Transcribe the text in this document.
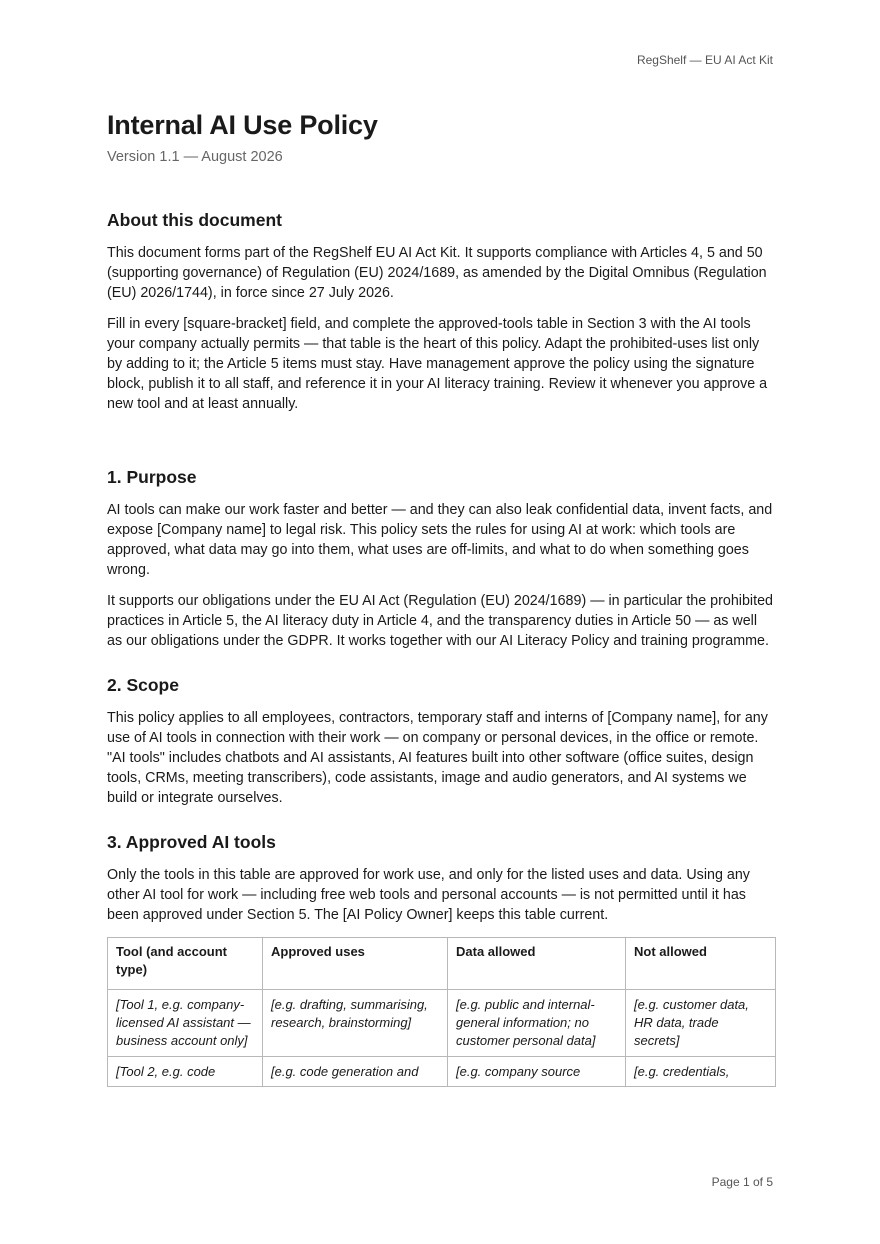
RegShelf — EU AI Act Kit
Internal AI Use Policy
Version 1.1 — August 2026
About this document

This document forms part of the RegShelf EU AI Act Kit. It supports compliance with Articles 4, 5 and 50 (supporting governance) of Regulation (EU) 2024/1689, as amended by the Digital Omnibus (Regulation (EU) 2026/1744), in force since 27 July 2026.

Fill in every [square-bracket] field, and complete the approved-tools table in Section 3 with the AI tools your company actually permits — that table is the heart of this policy. Adapt the prohibited-uses list only by adding to it; the Article 5 items must stay. Have management approve the policy using the signature block, publish it to all staff, and reference it in your AI literacy training. Review it whenever you approve a new tool and at least annually.

1. Purpose

AI tools can make our work faster and better — and they can also leak confidential data, invent facts, and expose [Company name] to legal risk. This policy sets the rules for using AI at work: which tools are approved, what data may go into them, what uses are off-limits, and what to do when something goes wrong.

It supports our obligations under the EU AI Act (Regulation (EU) 2024/1689) — in particular the prohibited practices in Article 5, the AI literacy duty in Article 4, and the transparency duties in Article 50 — as well as our obligations under the GDPR. It works together with our AI Literacy Policy and training programme.

2. Scope

This policy applies to all employees, contractors, temporary staff and interns of [Company name], for any use of AI tools in connection with their work — on company or personal devices, in the office or remote. "AI tools" includes chatbots and AI assistants, AI features built into other software (office suites, design tools, CRMs, meeting transcribers), code assistants, image and audio generators, and AI systems we build or integrate ourselves.

3. Approved AI tools

Only the tools in this table are approved for work use, and only for the listed uses and data. Using any other AI tool for work — including free web tools and personal accounts — is not permitted until it has been approved under Section 5. The [AI Policy Owner] keeps this table current.

Tool (and account type)	Approved uses	Data allowed	Not allowed
[Tool 1, e.g. company-licensed AI assistant — business account only]	[e.g. drafting, summarising, research, brainstorming]	[e.g. public and internal-general information; no customer personal data]	[e.g. customer data, HR data, trade secrets]
[Tool 2, e.g. code	[e.g. code generation and	[e.g. company source	[e.g. credentials,
Page 1 of 5
